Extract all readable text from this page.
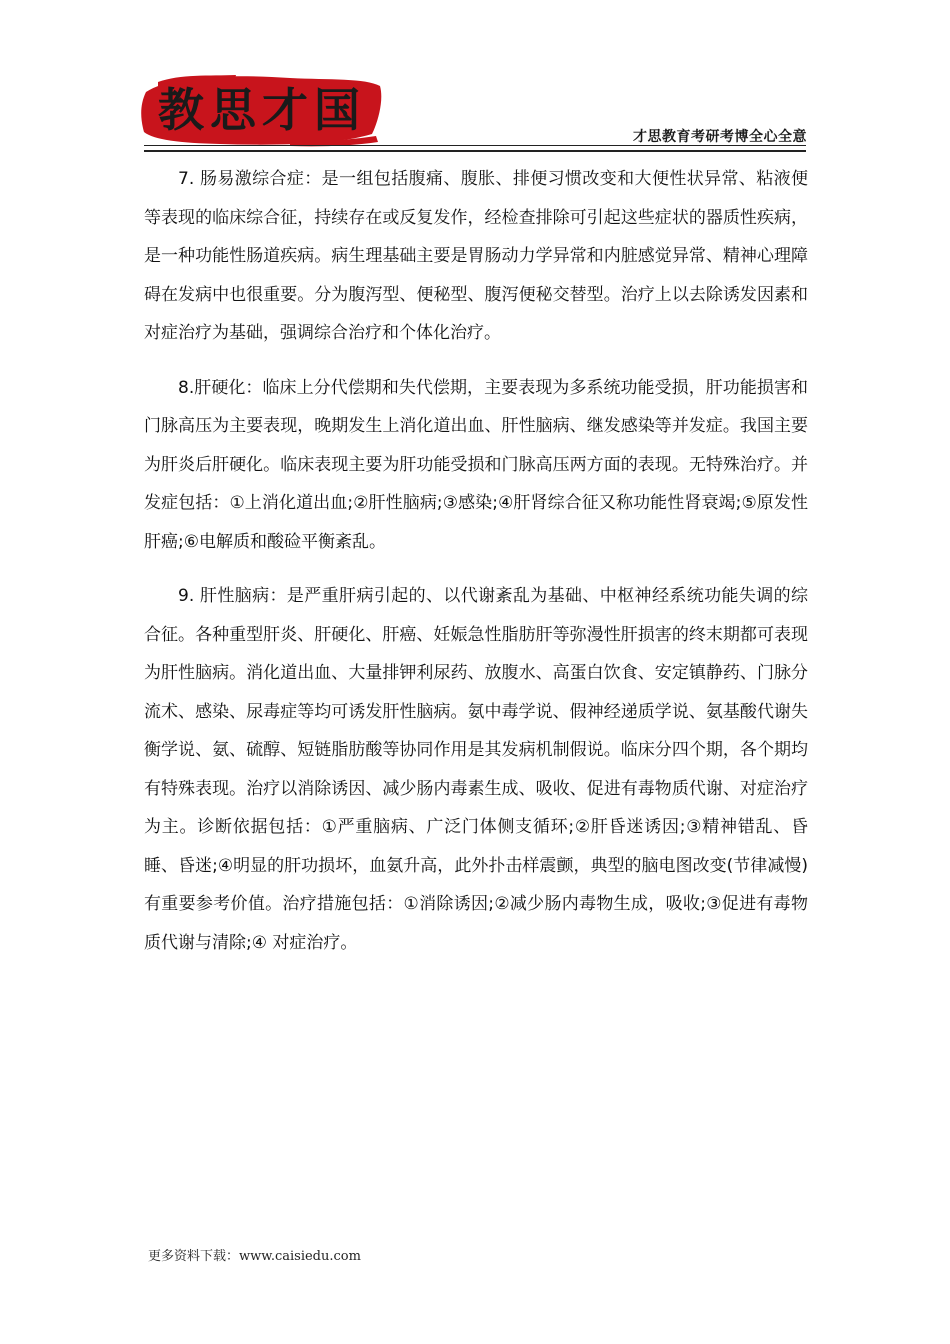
教思才国	才思教育考研考博全心全意

7. 肠易激综合症：是一组包括腹痛、腹胀、排便习惯改变和大便性状异常、粘液便等表现的临床综合征，持续存在或反复发作，经检查排除可引起这些症状的器质性疾病，是一种功能性肠道疾病。病生理基础主要是胃肠动力学异常和内脏感觉异常、精神心理障碍在发病中也很重要。分为腹泻型、便秘型、腹泻便秘交替型。治疗上以去除诱发因素和对症治疗为基础，强调综合治疗和个体化治疗。

8.肝硬化：临床上分代偿期和失代偿期，主要表现为多系统功能受损，肝功能损害和门脉高压为主要表现，晚期发生上消化道出血、肝性脑病、继发感染等并发症。我国主要为肝炎后肝硬化。临床表现主要为肝功能受损和门脉高压两方面的表现。无特殊治疗。并发症包括：①上消化道出血;②肝性脑病;③感染;④肝肾综合征又称功能性肾衰竭;⑤原发性肝癌;⑥电解质和酸硷平衡紊乱。

9. 肝性脑病：是严重肝病引起的、以代谢紊乱为基础、中枢神经系统功能失调的综合征。各种重型肝炎、肝硬化、肝癌、妊娠急性脂肪肝等弥漫性肝损害的终末期都可表现为肝性脑病。消化道出血、大量排钾利尿药、放腹水、高蛋白饮食、安定镇静药、门脉分流术、感染、尿毒症等均可诱发肝性脑病。氨中毒学说、假神经递质学说、氨基酸代谢失衡学说、氨、硫醇、短链脂肪酸等协同作用是其发病机制假说。临床分四个期，各个期均有特殊表现。治疗以消除诱因、减少肠内毒素生成、吸收、促进有毒物质代谢、对症治疗为主。诊断依据包括：①严重脑病、广泛门体侧支循环;②肝昏迷诱因;③精神错乱、昏睡、昏迷;④明显的肝功损坏，血氨升高，此外扑击样震颤，典型的脑电图改变(节律减慢)有重要参考价值。治疗措施包括：①消除诱因;②减少肠内毒物生成，吸收;③促进有毒物质代谢与清除;④ 对症治疗。

更多资料下载：www.caisiedu.com
